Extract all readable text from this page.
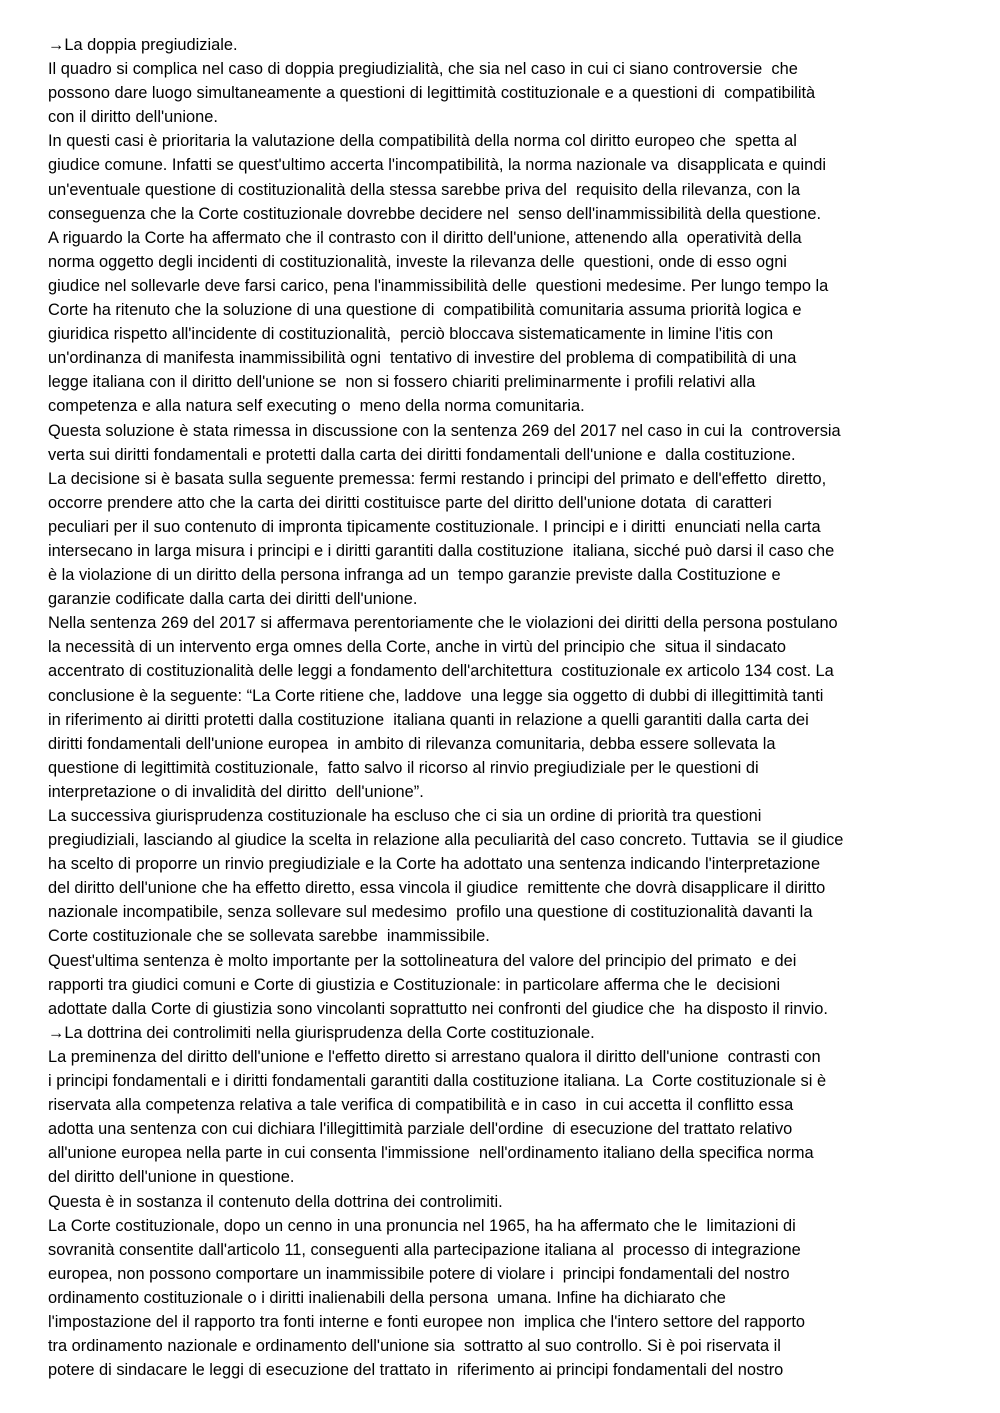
→La doppia pregiudiziale.
Il quadro si complica nel caso di doppia pregiudizialità, che sia nel caso in cui ci siano controversie  che
possono dare luogo simultaneamente a questioni di legittimità costituzionale e a questioni di  compatibilità
con il diritto dell'unione.
In questi casi è prioritaria la valutazione della compatibilità della norma col diritto europeo che  spetta al
giudice comune. Infatti se quest'ultimo accerta l'incompatibilità, la norma nazionale va  disapplicata e quindi
un'eventuale questione di costituzionalità della stessa sarebbe priva del  requisito della rilevanza, con la
conseguenza che la Corte costituzionale dovrebbe decidere nel  senso dell'inammissibilità della questione.
A riguardo la Corte ha affermato che il contrasto con il diritto dell'unione, attenendo alla  operatività della
norma oggetto degli incidenti di costituzionalità, investe la rilevanza delle  questioni, onde di esso ogni
giudice nel sollevarle deve farsi carico, pena l'inammissibilità delle  questioni medesime. Per lungo tempo la
Corte ha ritenuto che la soluzione di una questione di  compatibilità comunitaria assuma priorità logica e
giuridica rispetto all'incidente di costituzionalità,  perciò bloccava sistematicamente in limine l'itis con
un'ordinanza di manifesta inammissibilità ogni  tentativo di investire del problema di compatibilità di una
legge italiana con il diritto dell'unione se  non si fossero chiariti preliminarmente i profili relativi alla
competenza e alla natura self executing o  meno della norma comunitaria.
Questa soluzione è stata rimessa in discussione con la sentenza 269 del 2017 nel caso in cui la  controversia
verta sui diritti fondamentali e protetti dalla carta dei diritti fondamentali dell'unione e  dalla costituzione.
La decisione si è basata sulla seguente premessa: fermi restando i principi del primato e dell'effetto  diretto,
occorre prendere atto che la carta dei diritti costituisce parte del diritto dell'unione dotata  di caratteri
peculiari per il suo contenuto di impronta tipicamente costituzionale. I principi e i diritti  enunciati nella carta
intersecano in larga misura i principi e i diritti garantiti dalla costituzione  italiana, sicché può darsi il caso che
è la violazione di un diritto della persona infranga ad un  tempo garanzie previste dalla Costituzione e
garanzie codificate dalla carta dei diritti dell'unione.
Nella sentenza 269 del 2017 si affermava perentoriamente che le violazioni dei diritti della persona postulano
la necessità di un intervento erga omnes della Corte, anche in virtù del principio che  situa il sindacato
accentrato di costituzionalità delle leggi a fondamento dell'architettura  costituzionale ex articolo 134 cost. La
conclusione è la seguente: “La Corte ritiene che, laddove  una legge sia oggetto di dubbi di illegittimità tanti
in riferimento ai diritti protetti dalla costituzione  italiana quanti in relazione a quelli garantiti dalla carta dei
diritti fondamentali dell'unione europea  in ambito di rilevanza comunitaria, debba essere sollevata la
questione di legittimità costituzionale,  fatto salvo il ricorso al rinvio pregiudiziale per le questioni di
interpretazione o di invalidità del diritto  dell'unione”.
La successiva giurisprudenza costituzionale ha escluso che ci sia un ordine di priorità tra questioni
pregiudiziali, lasciando al giudice la scelta in relazione alla peculiarità del caso concreto. Tuttavia  se il giudice
ha scelto di proporre un rinvio pregiudiziale e la Corte ha adottato una sentenza indicando l'interpretazione
del diritto dell'unione che ha effetto diretto, essa vincola il giudice  remittente che dovrà disapplicare il diritto
nazionale incompatibile, senza sollevare sul medesimo  profilo una questione di costituzionalità davanti la
Corte costituzionale che se sollevata sarebbe  inammissibile.
Quest'ultima sentenza è molto importante per la sottolineatura del valore del principio del primato  e dei
rapporti tra giudici comuni e Corte di giustizia e Costituzionale: in particolare afferma che le  decisioni
adottate dalla Corte di giustizia sono vincolanti soprattutto nei confronti del giudice che  ha disposto il rinvio.
→La dottrina dei controlimiti nella giurisprudenza della Corte costituzionale.
La preminenza del diritto dell'unione e l'effetto diretto si arrestano qualora il diritto dell'unione  contrasti con
i principi fondamentali e i diritti fondamentali garantiti dalla costituzione italiana. La  Corte costituzionale si è
riservata alla competenza relativa a tale verifica di compatibilità e in caso  in cui accetta il conflitto essa
adotta una sentenza con cui dichiara l'illegittimità parziale dell'ordine  di esecuzione del trattato relativo
all'unione europea nella parte in cui consenta l'immissione  nell'ordinamento italiano della specifica norma
del diritto dell'unione in questione.
Questa è in sostanza il contenuto della dottrina dei controlimiti.
La Corte costituzionale, dopo un cenno in una pronuncia nel 1965, ha ha affermato che le  limitazioni di
sovranità consentite dall'articolo 11, conseguenti alla partecipazione italiana al  processo di integrazione
europea, non possono comportare un inammissibile potere di violare i  principi fondamentali del nostro
ordinamento costituzionale o i diritti inalienabili della persona  umana. Infine ha dichiarato che
l'impostazione del il rapporto tra fonti interne e fonti europee non  implica che l'intero settore del rapporto
tra ordinamento nazionale e ordinamento dell'unione sia  sottratto al suo controllo. Si è poi riservata il
potere di sindacare le leggi di esecuzione del trattato in  riferimento ai principi fondamentali del nostro
